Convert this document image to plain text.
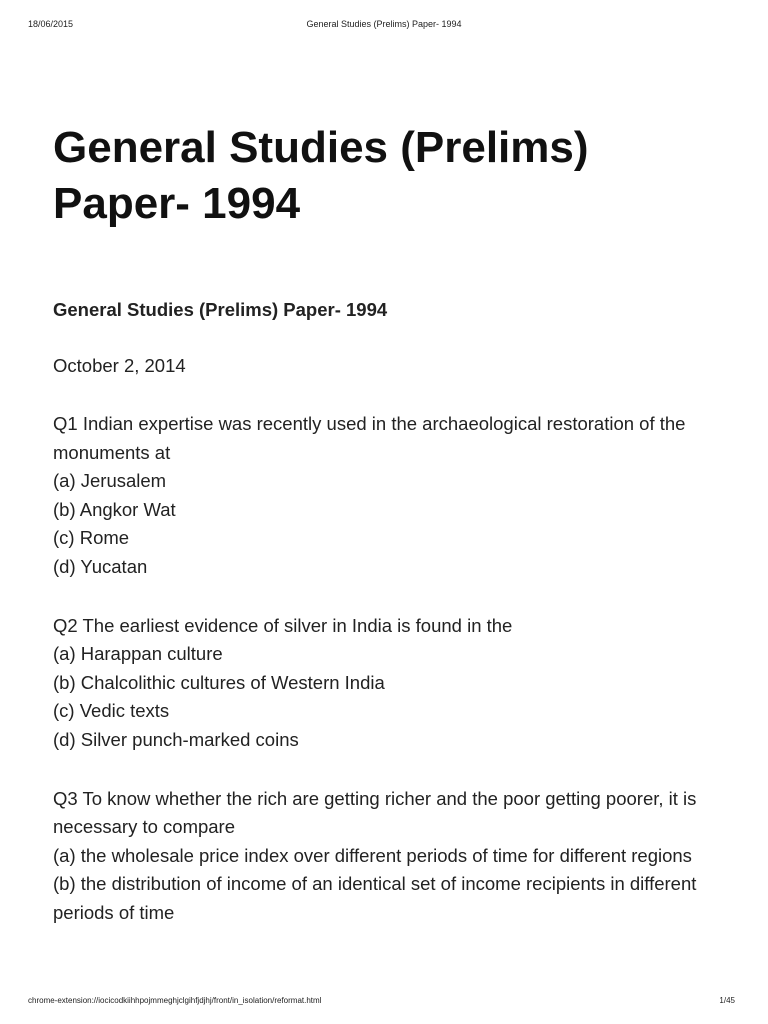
18/06/2015	General Studies (Prelims) Paper- 1994
General Studies (Prelims) Paper- 1994
General Studies (Prelims) Paper- 1994
October 2, 2014

Q1 Indian expertise was recently used in the archaeological restoration of the monuments at

(a) Jerusalem

(b) Angkor Wat

(c) Rome

(d) Yucatan

Q2 The earliest evidence of silver in India is found in the

(a) Harappan culture

(b) Chalcolithic cultures of Western India

(c) Vedic texts

(d) Silver punch-marked coins

Q3 To know whether the rich are getting richer and the poor getting poorer, it is necessary to compare

(a) the wholesale price index over different periods of time for different regions

(b) the distribution of income of an identical set of income recipients in different periods of time

chrome-extension://iocicodkiihhpojmmeghjclgihfjdjhj/front/in_isolation/reformat.html	1/45
